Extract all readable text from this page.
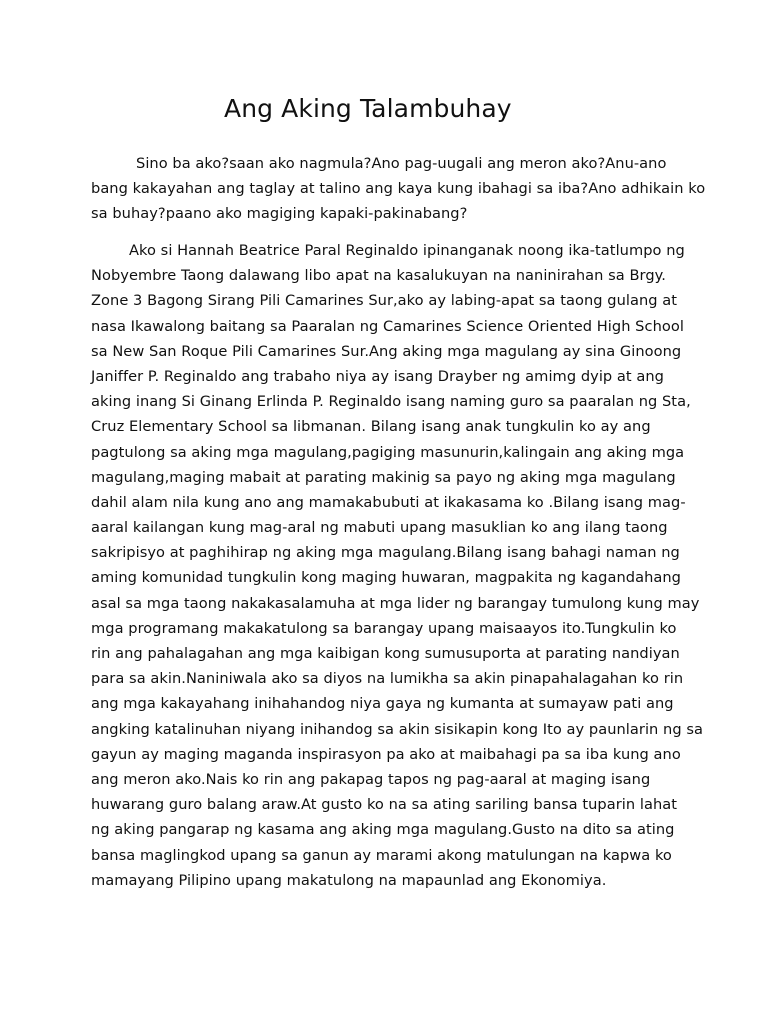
Ang Aking Talambuhay

Sino ba ako?saan ako nagmula?Ano pag-uugali ang meron ako?Anu-ano
bang kakayahan ang taglay at talino ang kaya kung ibahagi sa iba?Ano adhikain ko
sa buhay?paano ako magiging kapaki-pakinabang?

Ako si Hannah Beatrice Paral Reginaldo ipinanganak noong ika-tatlumpo ng
Nobyembre Taong dalawang libo apat na kasalukuyan na naninirahan sa Brgy.
Zone 3 Bagong Sirang Pili Camarines Sur,ako ay labing-apat sa taong gulang at
nasa Ikawalong baitang sa Paaralan ng Camarines Science Oriented High School
sa New San Roque Pili Camarines Sur.Ang aking mga magulang ay sina Ginoong
Janiffer P. Reginaldo ang trabaho niya ay isang Drayber ng amimg dyip at ang
aking inang Si Ginang Erlinda P. Reginaldo isang naming guro sa paaralan ng Sta,
Cruz Elementary School sa libmanan. Bilang isang anak tungkulin ko ay ang
pagtulong sa aking mga magulang,pagiging masunurin,kalingain ang aking mga
magulang,maging mabait at parating makinig sa payo ng aking mga magulang
dahil alam nila kung ano ang mamakabubuti at ikakasama ko .Bilang isang mag-
aaral kailangan kung mag-aral ng mabuti upang masuklian ko ang ilang taong
sakripisyo at paghihirap ng aking mga magulang.Bilang isang bahagi naman ng
aming komunidad tungkulin kong maging huwaran, magpakita ng kagandahang
asal sa mga taong nakakasalamuha at mga lider ng barangay tumulong kung may
mga programang makakatulong sa barangay upang maisaayos ito.Tungkulin ko
rin ang pahalagahan ang mga kaibigan kong sumusuporta at parating nandiyan
para sa akin.Naniniwala ako sa diyos na lumikha sa akin pinapahalagahan ko rin
ang mga kakayahang inihahandog niya gaya ng kumanta at sumayaw pati ang
angking katalinuhan niyang inihandog sa akin sisikapin kong Ito ay paunlarin ng sa
gayun ay maging maganda inspirasyon pa ako at maibahagi pa sa iba kung ano
ang meron ako.Nais ko rin ang pakapag tapos ng pag-aaral at maging isang
huwarang guro balang araw.At gusto ko na sa ating sariling bansa tuparin lahat
ng aking pangarap ng kasama ang aking mga magulang.Gusto na dito sa ating
bansa maglingkod upang sa ganun ay marami akong matulungan na kapwa ko
mamayang Pilipino upang makatulong na mapaunlad ang Ekonomiya.
